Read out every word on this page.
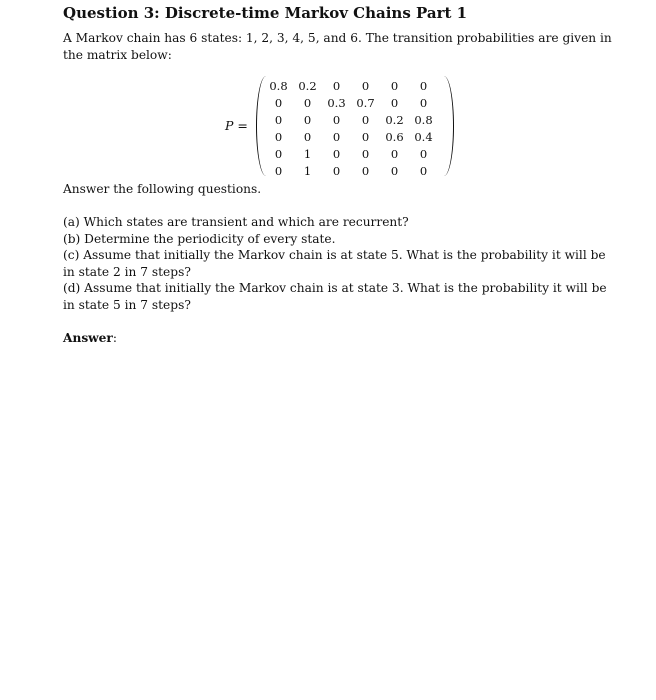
Question 3: Discrete-time Markov Chains Part 1
A Markov chain has 6 states: 1, 2, 3, 4, 5, and 6. The transition probabilities are given in the matrix below:
P =
0.8	0.2	0	0	0	0
0	0	0.3	0.7	0	0
0	0	0	0	0.2	0.8
0	0	0	0	0.6	0.4
0	1	0	0	0	0
0	1	0	0	0	0
Answer the following questions.
(a) Which states are transient and which are recurrent?
(b) Determine the periodicity of every state.
(c) Assume that initially the Markov chain is at state 5. What is the probability it will be in state 2 in 7 steps?
(d) Assume that initially the Markov chain is at state 3. What is the probability it will be in state 5 in 7 steps?
Answer:
